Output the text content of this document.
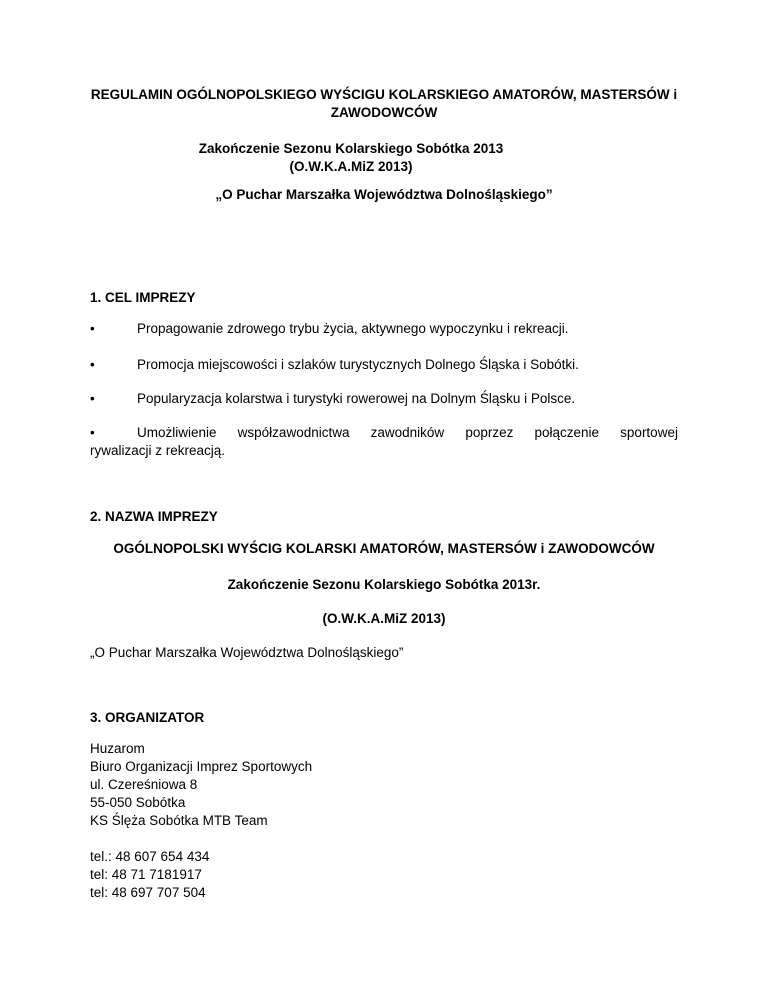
REGULAMIN OGÓLNOPOLSKIEGO WYŚCIGU KOLARSKIEGO AMATORÓW, MASTERSÓW i
ZAWODOWCÓW
Zakończenie Sezonu Kolarskiego Sobótka 2013
(O.W.K.A.MiZ 2013)
„O Puchar Marszałka Województwa Dolnośląskiego”
1. CEL IMPREZY
•	Propagowanie zdrowego trybu życia, aktywnego wypoczynku i rekreacji.
•	Promocja miejscowości i szlaków turystycznych Dolnego Śląska i Sobótki.
•	Popularyzacja kolarstwa i turystyki rowerowej na Dolnym Śląsku i Polsce.
•	Umożliwienie współzawodnictwa zawodników poprzez połączenie sportowej
rywalizacji z rekreacją.
2. NAZWA IMPREZY
OGÓLNOPOLSKI WYŚCIG KOLARSKI AMATORÓW, MASTERSÓW i ZAWODOWCÓW
Zakończenie Sezonu Kolarskiego Sobótka 2013r.
(O.W.K.A.MiZ 2013)
„O Puchar Marszałka Województwa Dolnośląskiego”
3. ORGANIZATOR
Huzarom
Biuro Organizacji Imprez Sportowych
ul. Czereśniowa 8
55-050 Sobótka
KS Ślęża Sobótka MTB Team
tel.: 48 607 654 434
tel: 48 71 7181917
tel: 48 697 707 504
